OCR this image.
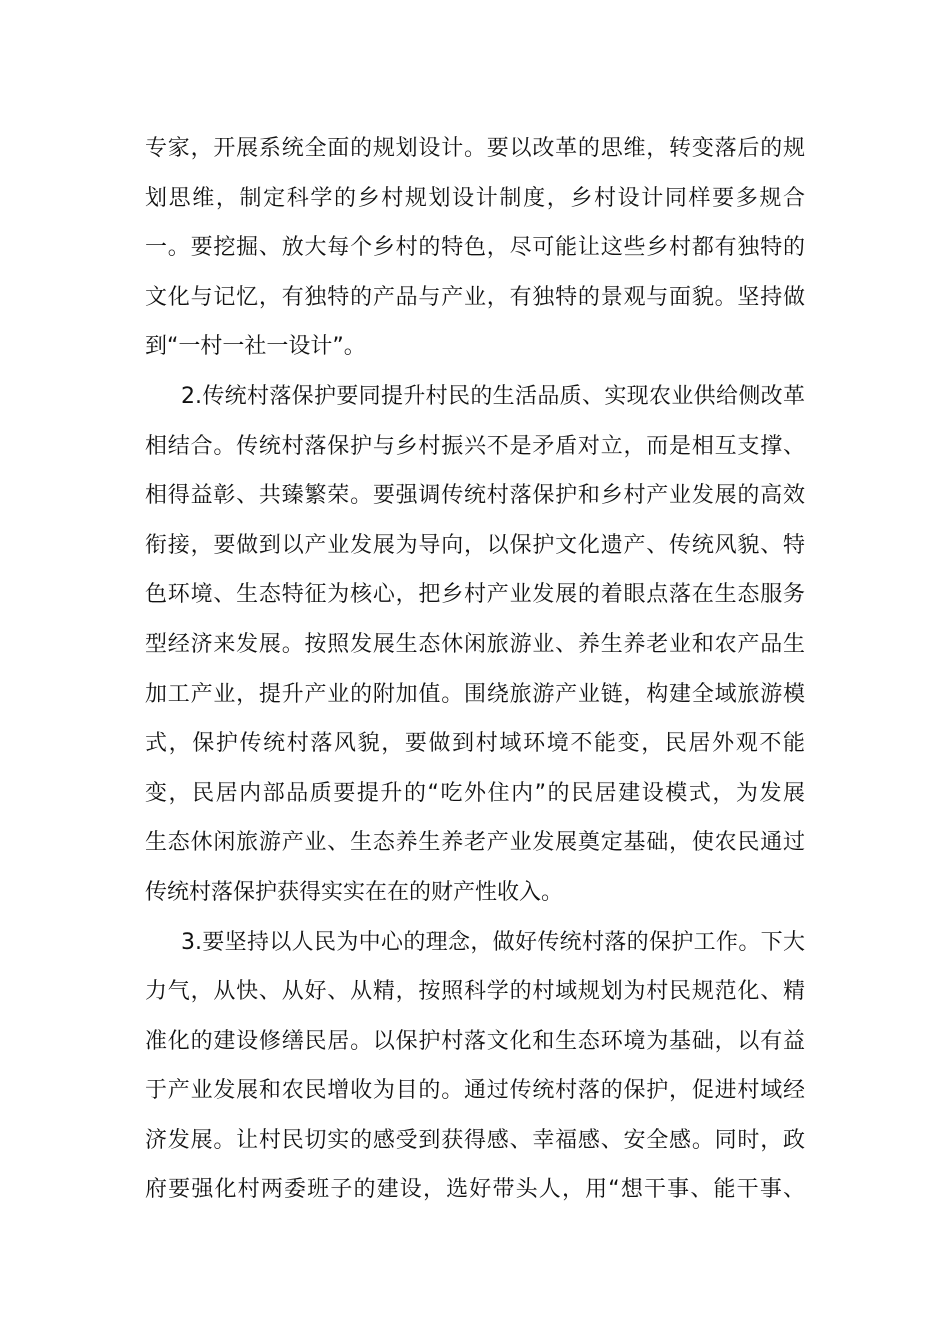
专家，开展系统全面的规划设计。要以改革的思维，转变落后的规
划思维，制定科学的乡村规划设计制度，乡村设计同样要多规合
一。要挖掘、放大每个乡村的特色，尽可能让这些乡村都有独特的
文化与记忆，有独特的产品与产业，有独特的景观与面貌。坚持做
到“一村一社一设计”。
2.传统村落保护要同提升村民的生活品质、实现农业供给侧改革
相结合。传统村落保护与乡村振兴不是矛盾对立，而是相互支撑、
相得益彰、共臻繁荣。要强调传统村落保护和乡村产业发展的高效
衔接，要做到以产业发展为导向，以保护文化遗产、传统风貌、特
色环境、生态特征为核心，把乡村产业发展的着眼点落在生态服务
型经济来发展。按照发展生态休闲旅游业、养生养老业和农产品生
加工产业，提升产业的附加值。围绕旅游产业链，构建全域旅游模
式，保护传统村落风貌，要做到村域环境不能变，民居外观不能
变，民居内部品质要提升的“吃外住内”的民居建设模式，为发展
生态休闲旅游产业、生态养生养老产业发展奠定基础，使农民通过
传统村落保护获得实实在在的财产性收入。
3.要坚持以人民为中心的理念，做好传统村落的保护工作。下大
力气，从快、从好、从精，按照科学的村域规划为村民规范化、精
准化的建设修缮民居。以保护村落文化和生态环境为基础，以有益
于产业发展和农民增收为目的。通过传统村落的保护，促进村域经
济发展。让村民切实的感受到获得感、幸福感、安全感。同时，政
府要强化村两委班子的建设，选好带头人，用“想干事、能干事、
